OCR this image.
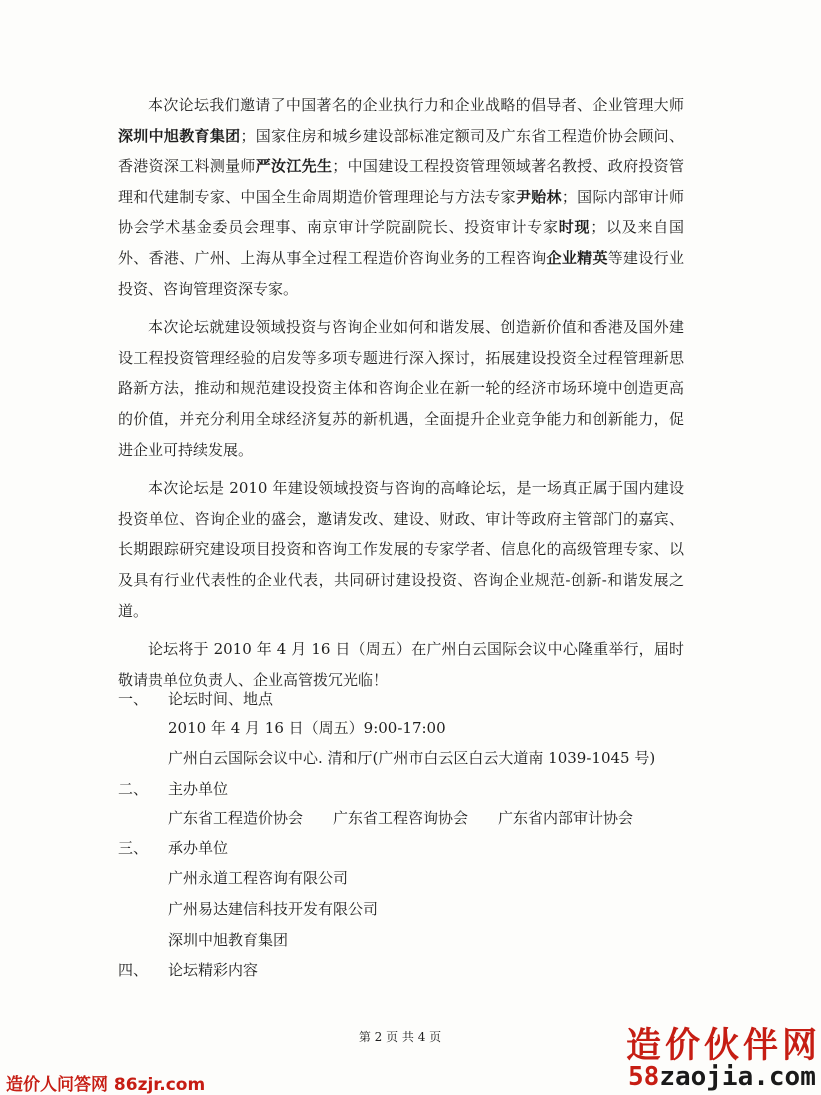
本次论坛我们邀请了中国著名的企业执行力和企业战略的倡导者、企业管理大师深圳中旭教育集团；国家住房和城乡建设部标准定额司及广东省工程造价协会顾问、香港资深工料测量师严汝江先生；中国建设工程投资管理领域著名教授、政府投资管理和代建制专家、中国全生命周期造价管理理论与方法专家尹贻林；国际内部审计师协会学术基金委员会理事、南京审计学院副院长、投资审计专家时现；以及来自国外、香港、广州、上海从事全过程工程造价咨询业务的工程咨询企业精英等建设行业投资、咨询管理资深专家。

本次论坛就建设领域投资与咨询企业如何和谐发展、创造新价值和香港及国外建设工程投资管理经验的启发等多项专题进行深入探讨，拓展建设投资全过程管理新思路新方法，推动和规范建设投资主体和咨询企业在新一轮的经济市场环境中创造更高的价值，并充分利用全球经济复苏的新机遇，全面提升企业竞争能力和创新能力，促进企业可持续发展。

本次论坛是 2010 年建设领域投资与咨询的高峰论坛，是一场真正属于国内建设投资单位、咨询企业的盛会，邀请发改、建设、财政、审计等政府主管部门的嘉宾、长期跟踪研究建设项目投资和咨询工作发展的专家学者、信息化的高级管理专家、以及具有行业代表性的企业代表，共同研讨建设投资、咨询企业规范-创新-和谐发展之道。

论坛将于 2010 年 4 月 16 日（周五）在广州白云国际会议中心隆重举行，届时敬请贵单位负责人、企业高管拨冗光临！

一、 论坛时间、地点
2010 年 4 月 16 日（周五）9:00-17:00
广州白云国际会议中心. 清和厅(广州市白云区白云大道南 1039-1045 号)
二、 主办单位
广东省工程造价协会 广东省工程咨询协会 广东省内部审计协会
三、 承办单位
广州永道工程咨询有限公司
广州易达建信科技开发有限公司
深圳中旭教育集团
四、 论坛精彩内容
第 2 页 共 4 页
造价人问答网 86zjr.com
造价伙伴网
58zaojia.com
